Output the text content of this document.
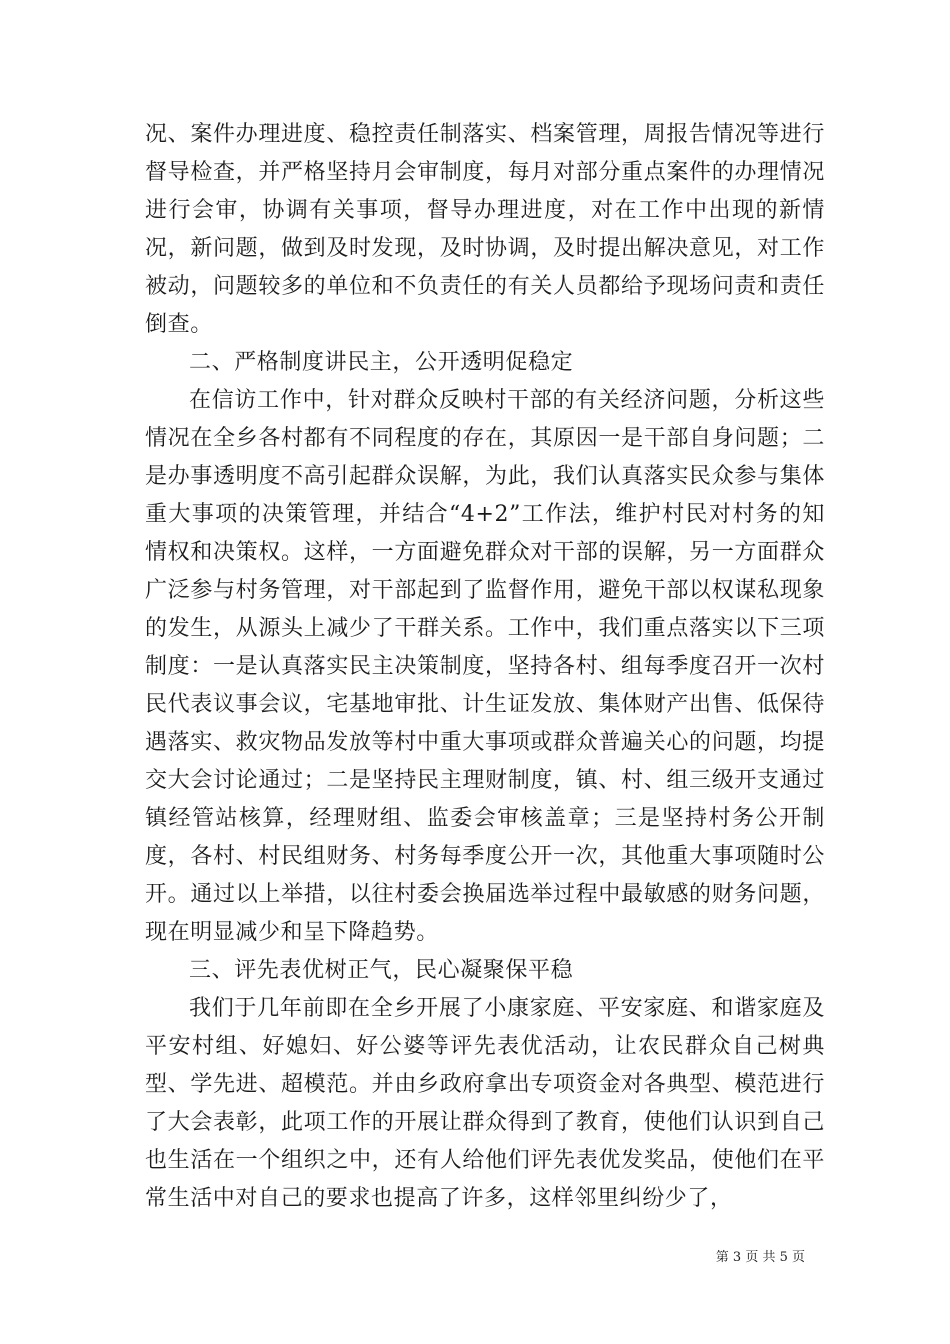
况、案件办理进度、稳控责任制落实、档案管理，周报告情况等进行督导检查，并严格坚持月会审制度，每月对部分重点案件的办理情况进行会审，协调有关事项，督导办理进度，对在工作中出现的新情况，新问题，做到及时发现，及时协调，及时提出解决意见，对工作被动，问题较多的单位和不负责任的有关人员都给予现场问责和责任倒查。

二、严格制度讲民主，公开透明促稳定

在信访工作中，针对群众反映村干部的有关经济问题，分析这些情况在全乡各村都有不同程度的存在，其原因一是干部自身问题；二是办事透明度不高引起群众误解，为此，我们认真落实民众参与集体重大事项的决策管理，并结合“4+2”工作法，维护村民对村务的知情权和决策权。这样，一方面避免群众对干部的误解，另一方面群众广泛参与村务管理，对干部起到了监督作用，避免干部以权谋私现象的发生，从源头上减少了干群关系。工作中，我们重点落实以下三项制度：一是认真落实民主决策制度，坚持各村、组每季度召开一次村民代表议事会议，宅基地审批、计生证发放、集体财产出售、低保待遇落实、救灾物品发放等村中重大事项或群众普遍关心的问题，均提交大会讨论通过；二是坚持民主理财制度，镇、村、组三级开支通过镇经管站核算，经理财组、监委会审核盖章；三是坚持村务公开制度，各村、村民组财务、村务每季度公开一次，其他重大事项随时公开。通过以上举措，以往村委会换届选举过程中最敏感的财务问题，现在明显减少和呈下降趋势。

三、评先表优树正气，民心凝聚保平稳

我们于几年前即在全乡开展了小康家庭、平安家庭、和谐家庭及平安村组、好媳妇、好公婆等评先表优活动，让农民群众自己树典型、学先进、超模范。并由乡政府拿出专项资金对各典型、模范进行了大会表彰，此项工作的开展让群众得到了教育，使他们认识到自己也生活在一个组织之中，还有人给他们评先表优发奖品，使他们在平常生活中对自己的要求也提高了许多，这样邻里纠纷少了，

第 3 页 共 5 页
